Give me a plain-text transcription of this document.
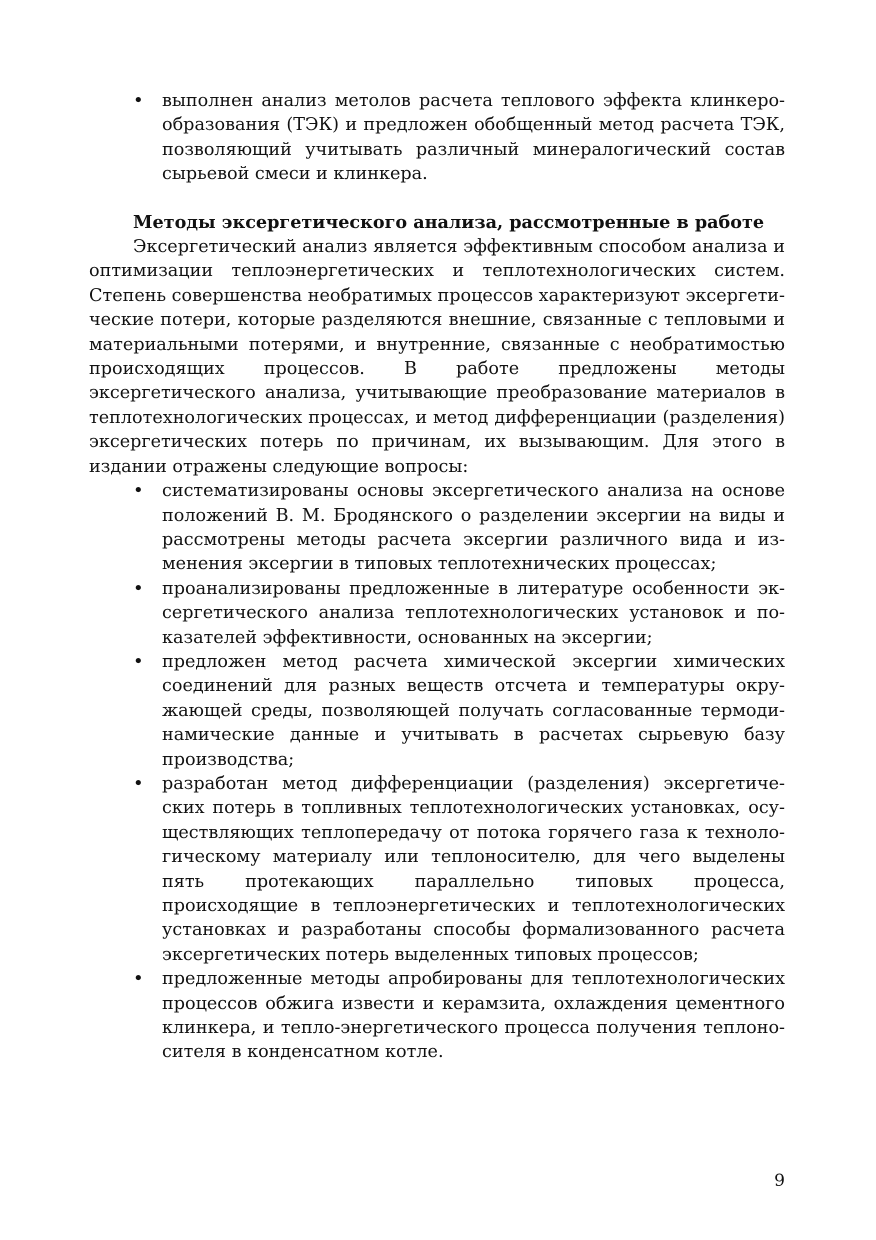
• выполнен анализ метолов расчета теплового эффекта клинкерообразования (ТЭК) и предложен обобщенный метод расчета ТЭК, позволяющий учитывать различный минералогический состав сырьевой смеси и клинкера.
Методы эксергетического анализа, рассмотренные в работе

Эксергетический анализ является эффективным способом анализа и оптимизации теплоэнергетических и теплотехнологических систем. Степень совершенства необратимых процессов характеризуют эксергетические потери, которые разделяются внешние, связанные с тепловыми и материальными потерями, и внутренние, связанные с необратимостью происходящих процессов. В работе предложены методы эксергетического анализа, учитывающие преобразование материалов в теплотехнологических процессах, и метод дифференциации (разделения) эксергетических потерь по причинам, их вызывающим. Для этого в издании отражены следующие вопросы:

• систематизированы основы эксергетического анализа на основе положений В. М. Бродянского о разделении эксергии на виды и рассмотрены методы расчета эксергии различного вида и изменения эксергии в типовых теплотехнических процессах;
• проанализированы предложенные в литературе особенности эксергетического анализа теплотехнологических установок и показателей эффективности, основанных на эксергии;
• предложен метод расчета химической эксергии химических соединений для разных веществ отсчета и температуры окружающей среды, позволяющей получать согласованные термодинамические данные и учитывать в расчетах сырьевую базу производства;
• разработан метод дифференциации (разделения) эксергетических потерь в топливных теплотехнологических установках, осуществляющих теплопередачу от потока горячего газа к технологическому материалу или теплоносителю, для чего выделены пять протекающих параллельно типовых процесса, происходящие в теплоэнергетических и теплотехнологических установках и разработаны способы формализованного расчета эксергетических потерь выделенных типовых процессов;
• предложенные методы апробированы для теплотехнологических процессов обжига извести и керамзита, охлаждения цементного клинкера, и тепло-энергетического процесса получения теплоносителя в конденсатном котле.
9
